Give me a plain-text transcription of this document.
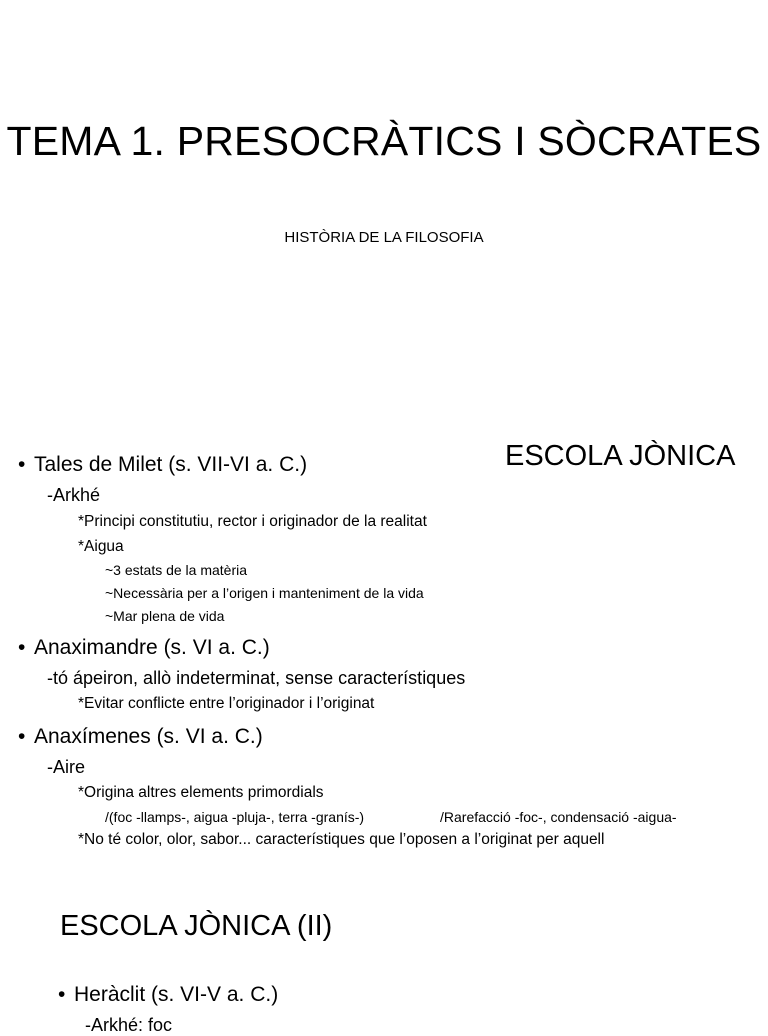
TEMA 1. PRESOCRÀTICS I SÒCRATES
HISTÒRIA DE LA FILOSOFIA
ESCOLA JÒNICA
• Tales de Milet (s. VII-VI a. C.)
-Arkhé
*Principi constitutiu, rector i originador de la realitat
*Aigua
~3 estats de la matèria
~Necessària per a l’origen i manteniment de la vida
~Mar plena de vida
• Anaximandre (s. VI a. C.)
-tó ápeiron, allò indeterminat, sense característiques
*Evitar conflicte entre l’originador i l’originat
• Anaxímenes (s. VI a. C.)
-Aire
*Origina altres elements primordials
/(foc -llamps-, aigua -pluja-, terra -granís-)	/Rarefacció -foc-, condensació -aigua-
*No té color, olor, sabor... característiques que l’oposen a l’originat per aquell
ESCOLA JÒNICA (II)
• Heràclit (s. VI-V a. C.)
-Arkhé: foc
